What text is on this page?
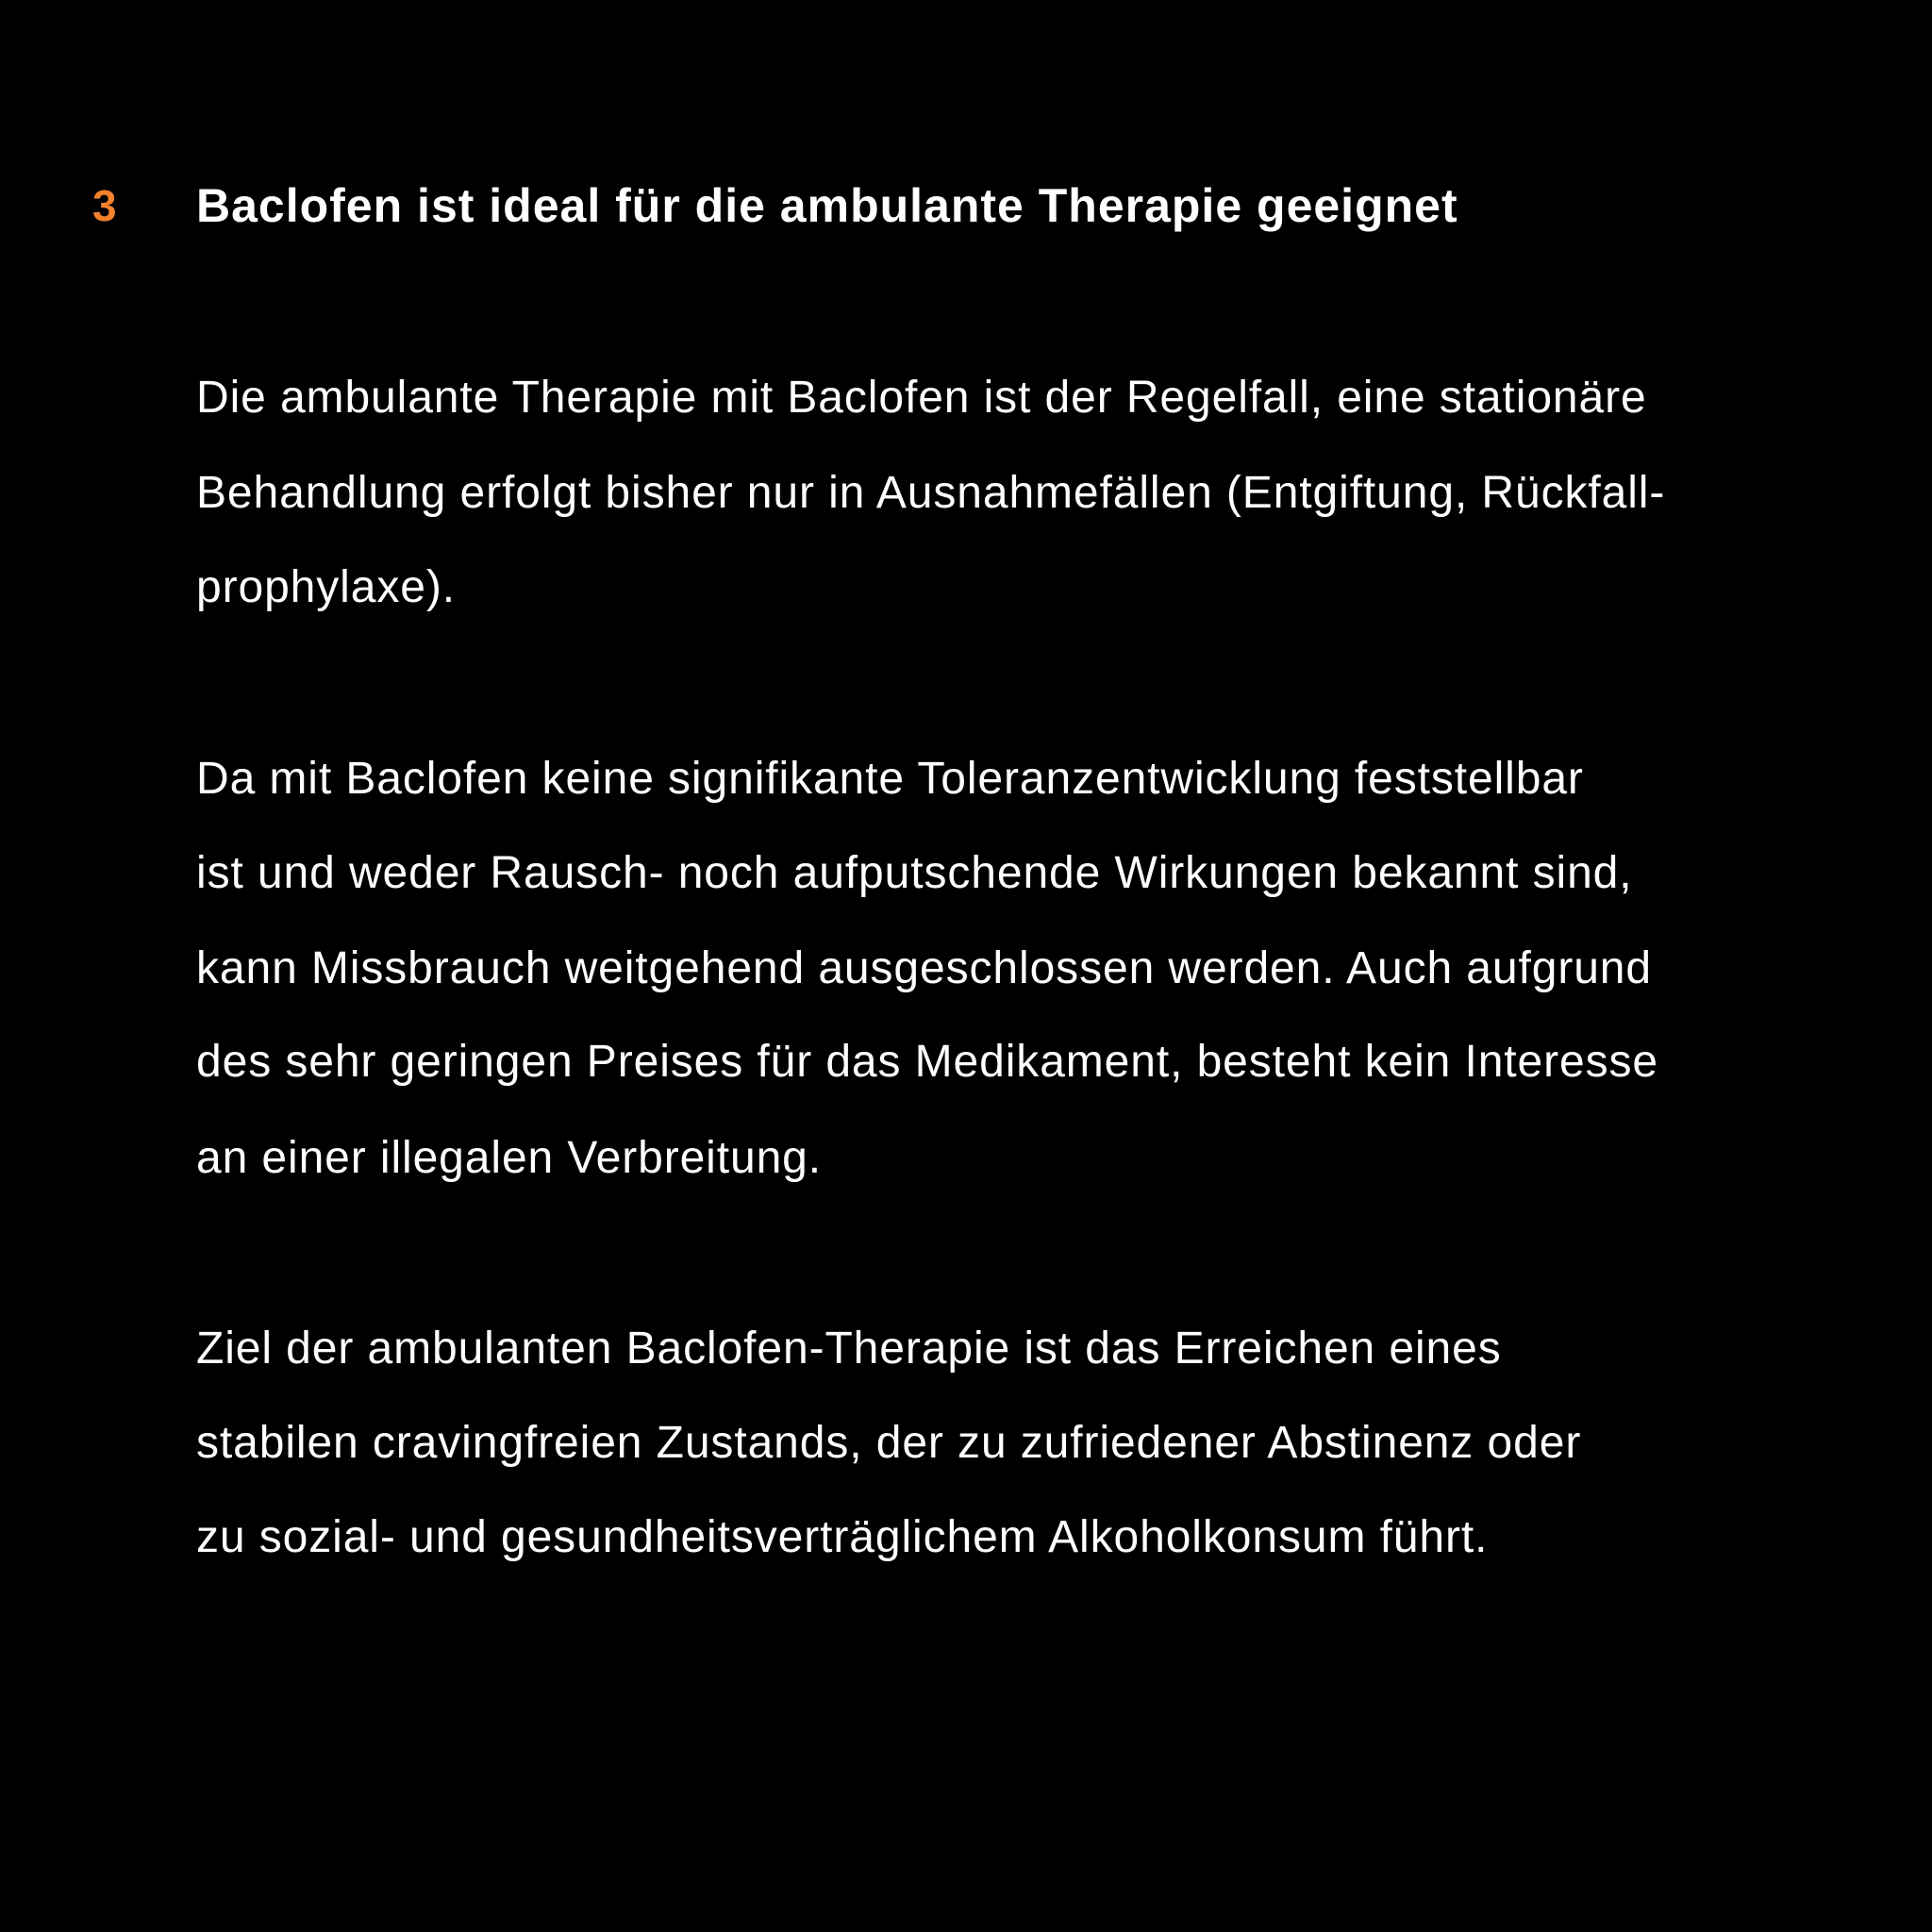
3 Baclofen ist ideal für die ambulante Therapie geeignet

Die ambulante Therapie mit Baclofen ist der Regelfall, eine stationäre

Behandlung erfolgt bisher nur in Ausnahmefällen (Entgiftung, Rückfall-

prophylaxe).

Da mit Baclofen keine signifikante Toleranzentwicklung feststellbar

ist und weder Rausch- noch aufputschende Wirkungen bekannt sind,

kann Missbrauch weitgehend ausgeschlossen werden. Auch aufgrund

des sehr geringen Preises für das Medikament, besteht kein Interesse

an einer illegalen Verbreitung.

Ziel der ambulanten Baclofen-Therapie ist das Erreichen eines

stabilen cravingfreien Zustands, der zu zufriedener Abstinenz oder

zu sozial- und gesundheitsverträglichem Alkoholkonsum führt.
